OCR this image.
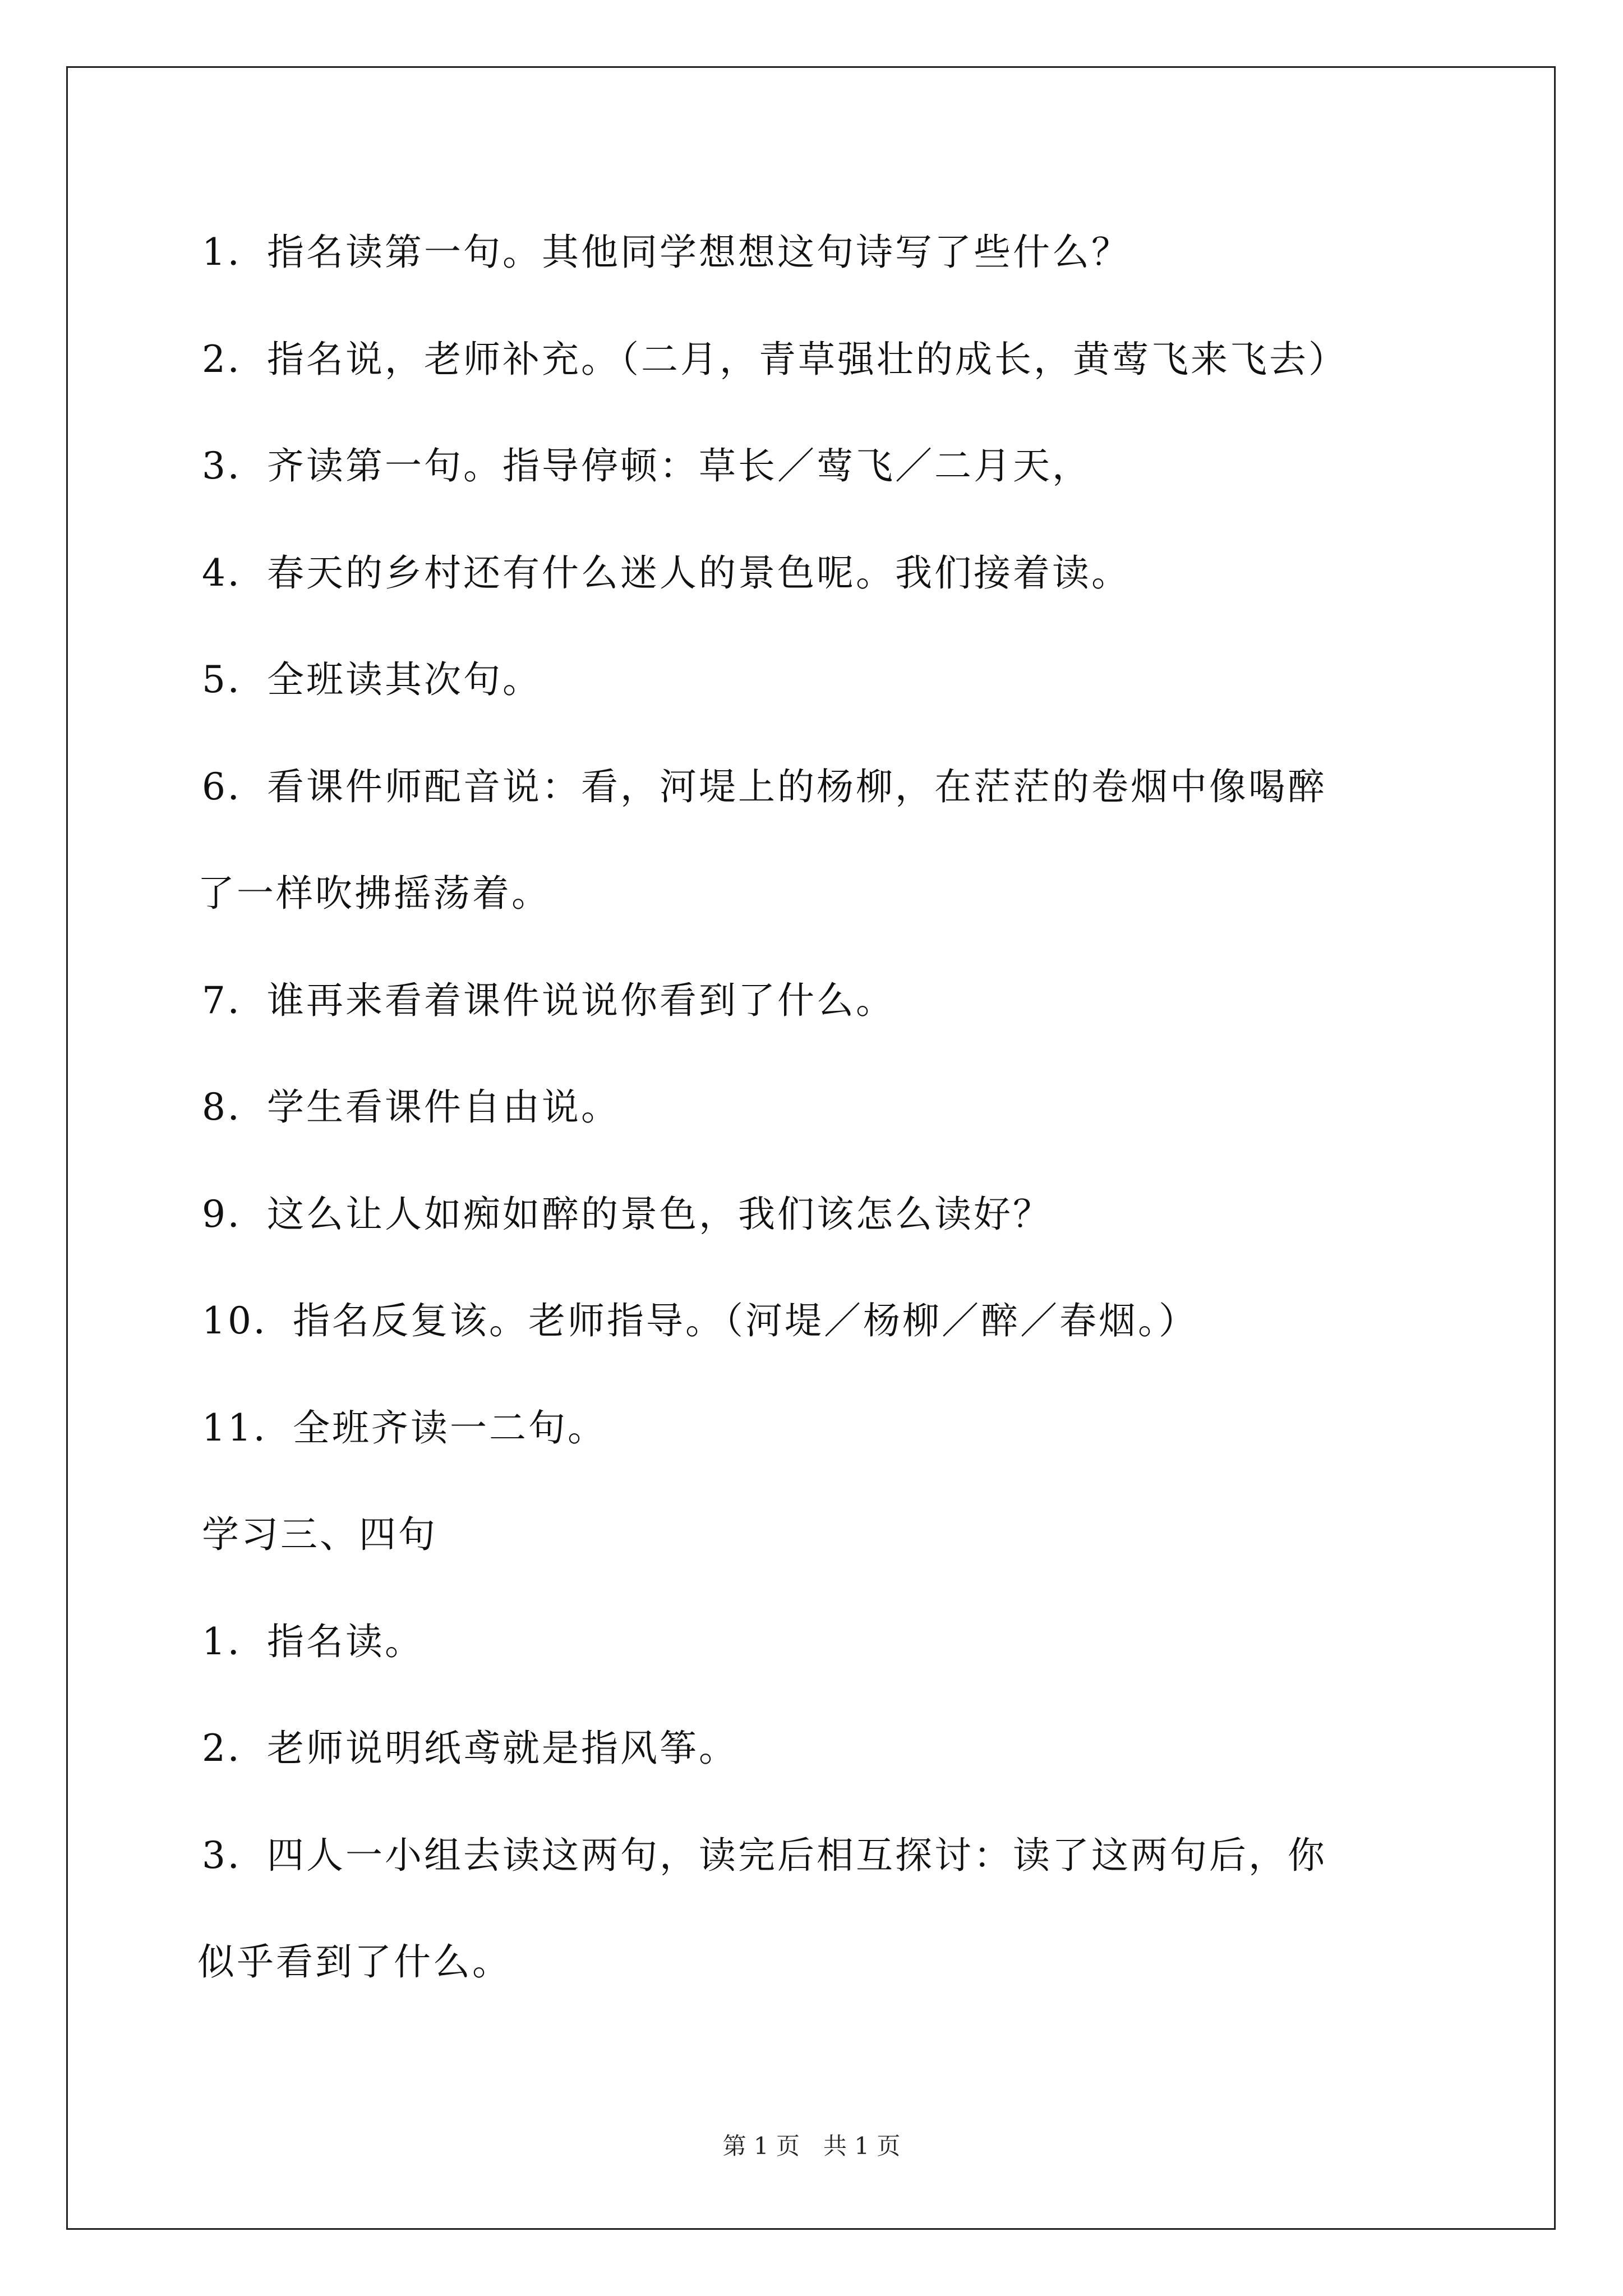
1．指名读第一句。其他同学想想这句诗写了些什么？
2．指名说，老师补充。（二月，青草强壮的成长，黄莺飞来飞去）
3．齐读第一句。指导停顿：草长／莺飞／二月天，
4．春天的乡村还有什么迷人的景色呢。我们接着读。
5．全班读其次句。
6．看课件师配音说：看，河堤上的杨柳，在茫茫的卷烟中像喝醉
了一样吹拂摇荡着。
7．谁再来看着课件说说你看到了什么。
8．学生看课件自由说。
9．这么让人如痴如醉的景色，我们该怎么读好？
10．指名反复该。老师指导。（河堤／杨柳／醉／春烟。）
11．全班齐读一二句。
学习三、四句
1．指名读。
2．老师说明纸鸢就是指风筝。
3．四人一小组去读这两句，读完后相互探讨：读了这两句后，你
似乎看到了什么。
第 1 页　共 1 页
